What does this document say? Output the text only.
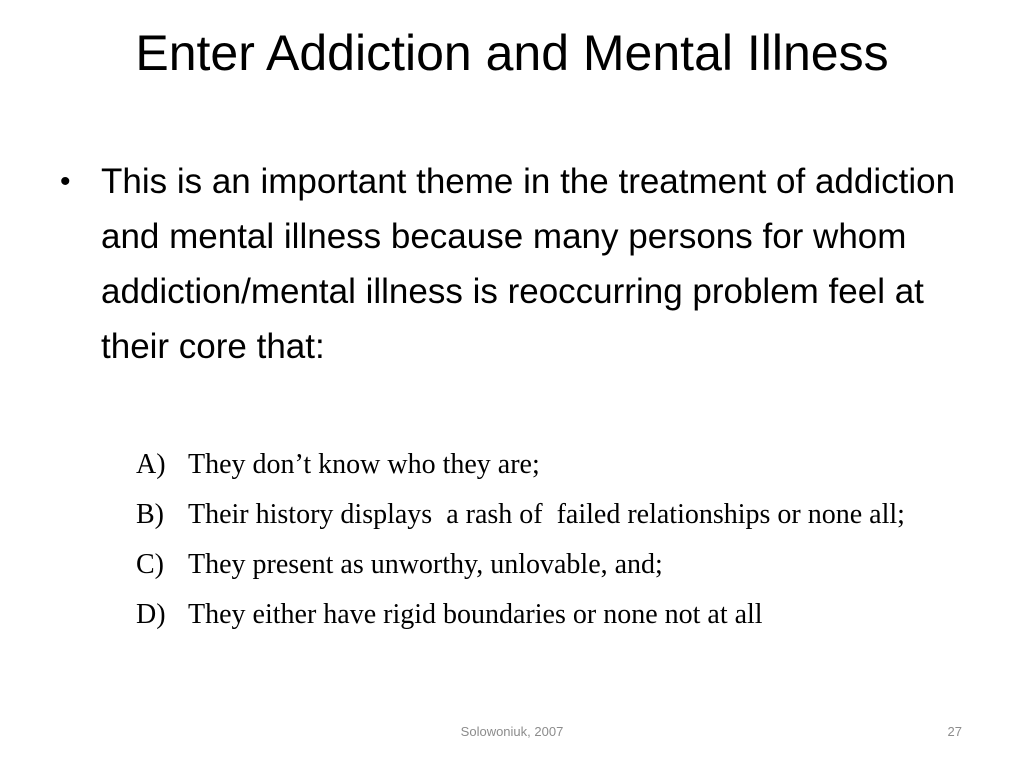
Enter Addiction and Mental Illness
• This is an important theme in the treatment of addiction and mental illness because many persons for whom addiction/mental illness is reoccurring problem feel at their core that:
A) They don’t know who they are;
B) Their history displays  a rash of  failed relationships or none all;
C) They present as unworthy, unlovable, and;
D) They either have rigid boundaries or none not at all
Solowoniuk, 2007	27
